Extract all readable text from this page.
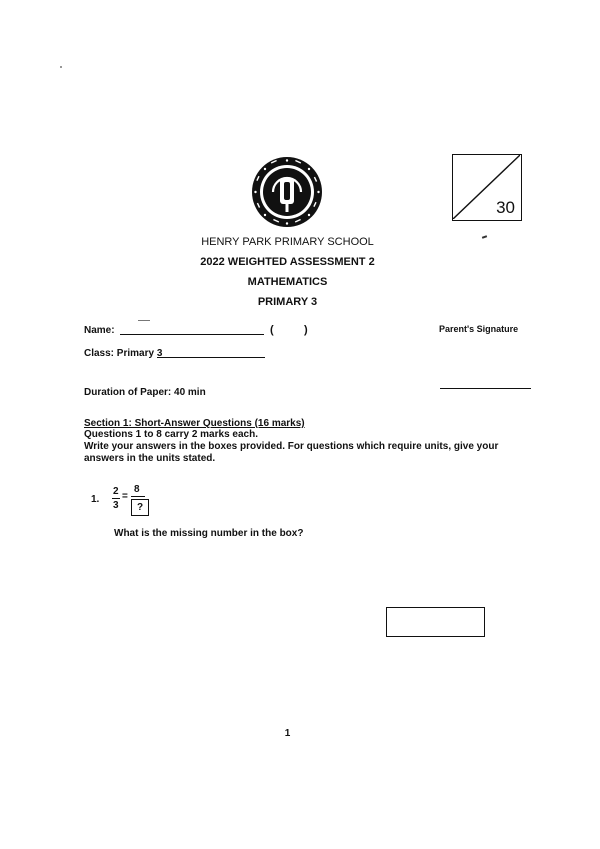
30
HENRY PARK PRIMARY SCHOOL
2022 WEIGHTED ASSESSMENT 2
MATHEMATICS
PRIMARY 3
Name:	(	)	Parent's Signature
Class: Primary 3
Duration of Paper: 40 min
Section 1: Short-Answer Questions (16 marks)
Questions 1 to 8 carry 2 marks each.
Write your answers in the boxes provided. For questions which require units, give your
answers in the units stated.
1.
2
3
=
8
?
What is the missing number in the box?
1
